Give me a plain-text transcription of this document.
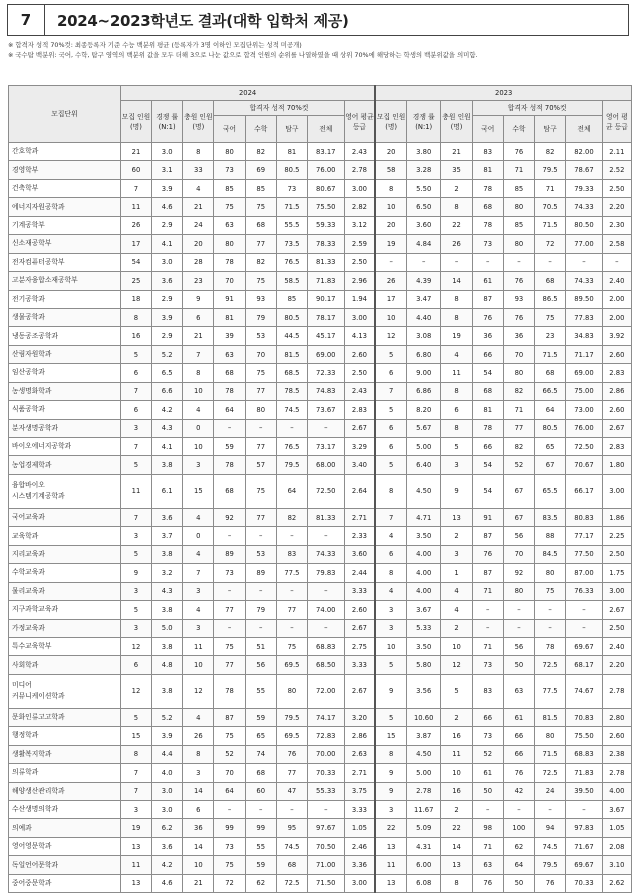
7	2024~2023학년도 결과(대학 입학처 제공)
※ 합격자 성적 70%컷: 최종등록자 기준 수능 백분위 평균 (등록자가 3명 이하인 모집단위는 성적 미공개)
※ 국수탐 백분위: 국어, 수학, 탐구 영역의 백분위 값을 모두 더해 3으로 나눈 값으로 합격 인원의 순위를 나열하였을 때 상위 70%에 해당하는 학생의 백분위값을 의미함.
모집단위	2024								2023							
	모집 인원 (명)	경쟁 률 (N:1)	충원 인원 (명)	합격자 성적 70%컷				영어 평균 등급	모집 인원 (명)	경쟁 률 (N:1)	충원 인원 (명)	합격자 성적 70%컷				영어 평균 등급
				국어	수학	탐구	전체					국어	수학	탐구	전체	
간호학과	21	3.0	8	80	82	81	83.17	2.43	20	3.80	21	83	76	82	82.00	2.11
경영학부	60	3.1	33	73	69	80.5	76.00	2.78	58	3.28	35	81	71	79.5	78.67	2.52
건축학부	7	3.9	4	85	85	73	80.67	3.00	8	5.50	2	78	85	71	79.33	2.50
에너지자원공학과	11	4.6	21	75	75	71.5	75.50	2.82	10	6.50	8	68	80	70.5	74.33	2.20
기계공학부	26	2.9	24	63	68	55.5	59.33	3.12	20	3.60	22	78	85	71.5	80.50	2.30
신소재공학부	17	4.1	20	80	77	73.5	78.33	2.59	19	4.84	26	73	80	72	77.00	2.58
전자컴퓨터공학부	54	3.0	28	78	82	76.5	81.33	2.50	–	–	–	–	–	–	–	–
고분자융합소재공학부	25	3.6	23	70	75	58.5	71.83	2.96	26	4.39	14	61	76	68	74.33	2.40
전기공학과	18	2.9	9	91	93	85	90.17	1.94	17	3.47	8	87	93	86.5	89.50	2.00
생물공학과	8	3.9	6	81	79	80.5	78.17	3.00	10	4.40	8	76	76	75	77.83	2.00
냉동공조공학과	16	2.9	21	39	53	44.5	45.17	4.13	12	3.08	19	36	36	23	34.83	3.92
산림자원학과	5	5.2	7	63	70	81.5	69.00	2.60	5	6.80	4	66	70	71.5	71.17	2.60
임산공학과	6	6.5	8	68	75	68.5	72.33	2.50	6	9.00	11	54	80	68	69.00	2.83
농생명화학과	7	6.6	10	78	77	78.5	74.83	2.43	7	6.86	8	68	82	66.5	75.00	2.86
식품공학과	6	4.2	4	64	80	74.5	73.67	2.83	5	8.20	6	81	71	64	73.00	2.60
분자생명공학과	3	4.3	0	–	–	–	–	2.67	6	5.67	8	78	77	80.5	76.00	2.67
바이오에너지공학과	7	4.1	10	59	77	76.5	73.17	3.29	6	5.00	5	66	82	65	72.50	2.83
농업경제학과	5	3.8	3	78	57	79.5	68.00	3.40	5	6.40	3	54	52	67	70.67	1.80
융합바이오
시스템기계공학과	11	6.1	15	68	75	64	72.50	2.64	8	4.50	9	54	67	65.5	66.17	3.00
국어교육과	7	3.6	4	92	77	82	81.33	2.71	7	4.71	13	91	67	83.5	80.83	1.86
교육학과	3	3.7	0	–	–	–	–	2.33	4	3.50	2	87	56	88	77.17	2.25
지리교육과	5	3.8	4	89	53	83	74.33	3.60	6	4.00	3	76	70	84.5	77.50	2.50
수학교육과	9	3.2	7	73	89	77.5	79.83	2.44	8	4.00	1	87	92	80	87.00	1.75
물리교육과	3	4.3	3	–	–	–	–	3.33	4	4.00	4	71	80	75	76.33	3.00
지구과학교육과	5	3.8	4	77	79	77	74.00	2.60	3	3.67	4	–	–	–	–	2.67
가정교육과	3	5.0	3	–	–	–	–	2.67	3	5.33	2	–	–	–	–	2.50
특수교육학부	12	3.8	11	75	51	75	68.83	2.75	10	3.50	10	71	56	78	69.67	2.40
사회학과	6	4.8	10	77	56	69.5	68.50	3.33	5	5.80	12	73	50	72.5	68.17	2.20
미디어
커뮤니케이션학과	12	3.8	12	78	55	80	72.00	2.67	9	3.56	5	83	63	77.5	74.67	2.78
문화인류고고학과	5	5.2	4	87	59	79.5	74.17	3.20	5	10.60	2	66	61	81.5	70.83	2.80
행정학과	15	3.9	26	75	65	69.5	72.83	2.86	15	3.87	16	73	66	80	75.50	2.60
생활복지학과	8	4.4	8	52	74	76	70.00	2.63	8	4.50	11	52	66	71.5	68.83	2.38
의류학과	7	4.0	3	70	68	77	70.33	2.71	9	5.00	10	61	76	72.5	71.83	2.78
해양생산관리학과	7	3.0	14	64	60	47	55.33	3.75	9	2.78	16	50	42	24	39.50	4.00
수산생명의학과	3	3.0	6	–	–	–	–	3.33	3	11.67	2	–	–	–	–	3.67
의예과	19	6.2	36	99	99	95	97.67	1.05	22	5.09	22	98	100	94	97.83	1.05
영어영문학과	13	3.6	14	73	55	74.5	70.50	2.46	13	4.31	14	71	62	74.5	71.67	2.08
독일언어문학과	11	4.2	10	75	59	68	71.00	3.36	11	6.00	13	63	64	79.5	69.67	3.10
중어중문학과	13	4.6	21	72	62	72.5	71.50	3.00	13	6.08	8	76	50	76	70.33	2.62
